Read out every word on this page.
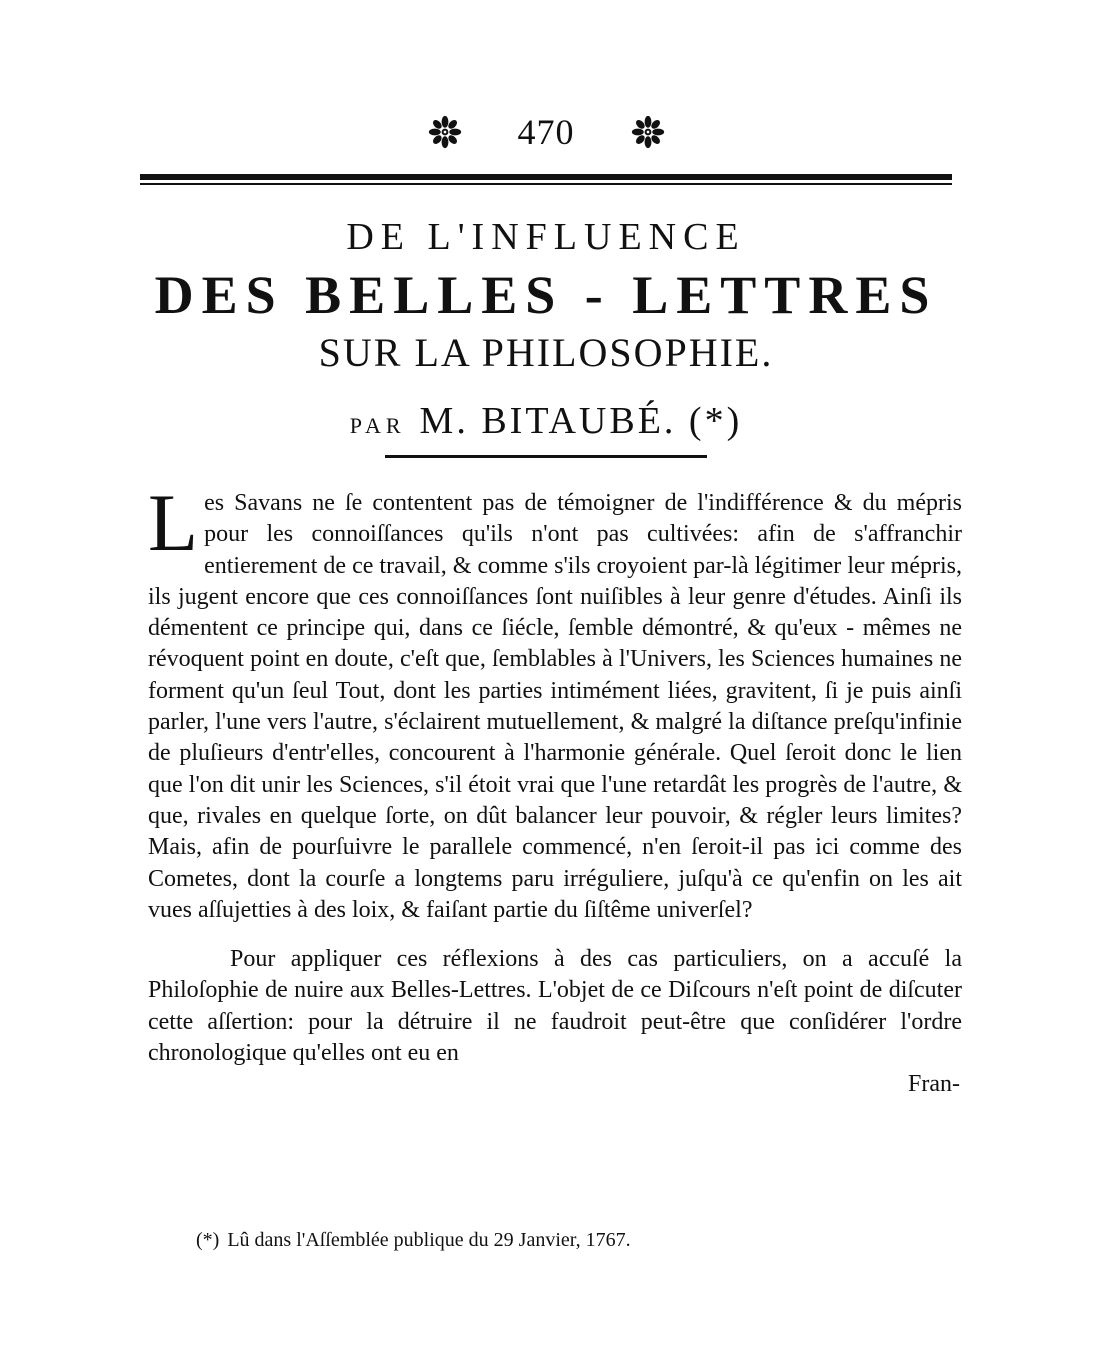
470
DE L'INFLUENCE
DES BELLES - LETTRES
SUR LA PHILOSOPHIE.
PAR M. BITAUBÉ. (*)

Les Savans ne ſe contentent pas de témoigner de l'indifférence & du mépris pour les connoiſſances qu'ils n'ont pas cultivées: afin de s'affranchir entierement de ce travail, & comme s'ils croyoient par-là légitimer leur mépris, ils jugent encore que ces connoiſſances ſont nuiſibles à leur genre d'études. Ainſi ils démentent ce principe qui, dans ce ſiécle, ſemble démontré, & qu'eux - mêmes ne révoquent point en doute, c'eſt que, ſemblables à l'Univers, les Sciences humaines ne forment qu'un ſeul Tout, dont les parties intimément liées, gravitent, ſi je puis ainſi parler, l'une vers l'autre, s'éclairent mutuellement, & malgré la diſtance preſqu'infinie de pluſieurs d'entr'elles, concourent à l'harmonie générale. Quel ſeroit donc le lien que l'on dit unir les Sciences, s'il étoit vrai que l'une retardât les progrès de l'autre, & que, rivales en quelque ſorte, on dût balancer leur pouvoir, & régler leurs limites? Mais, afin de pourſuivre le parallele commencé, n'en ſeroit-il pas ici comme des Cometes, dont la courſe a longtems paru irréguliere, juſqu'à ce qu'enfin on les ait vues aſſujetties à des loix, & faiſant partie du ſiſtême univerſel?

Pour appliquer ces réflexions à des cas particuliers, on a accuſé la Philoſophie de nuire aux Belles-Lettres. L'objet de ce Diſcours n'eſt point de diſcuter cette aſſertion: pour la détruire il ne faudroit peut-être que conſidérer l'ordre chronologique qu'elles ont eu en

Fran-

(*) Lû dans l'Aſſemblée publique du 29 Janvier, 1767.
